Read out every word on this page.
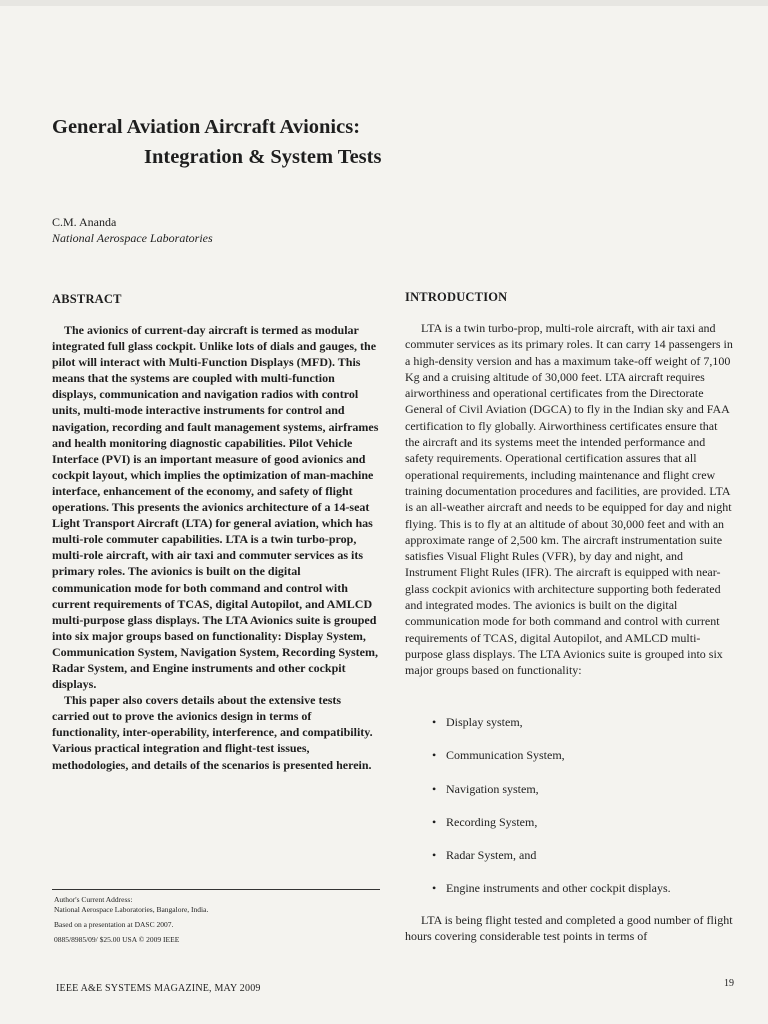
General Aviation Aircraft Avionics:
Integration & System Tests
C.M. Ananda
National Aerospace Laboratories
ABSTRACT	INTRODUCTION

The avionics of current-day aircraft is termed as modular integrated full glass cockpit. Unlike lots of dials and gauges, the pilot will interact with Multi-Function Displays (MFD). This means that the systems are coupled with multi-function displays, communication and navigation radios with control units, multi-mode interactive instruments for control and navigation, recording and fault management systems, airframes and health monitoring diagnostic capabilities. Pilot Vehicle Interface (PVI) is an important measure of good avionics and cockpit layout, which implies the optimization of man-machine interface, enhancement of the economy, and safety of flight operations. This presents the avionics architecture of a 14-seat Light Transport Aircraft (LTA) for general aviation, which has multi-role commuter capabilities. LTA is a twin turbo-prop, multi-role aircraft, with air taxi and commuter services as its primary roles. The avionics is built on the digital communication mode for both command and control with current requirements of TCAS, digital Autopilot, and AMLCD multi-purpose glass displays. The LTA Avionics suite is grouped into six major groups based on functionality: Display System, Communication System, Navigation System, Recording System, Radar System, and Engine instruments and other cockpit displays.

This paper also covers details about the extensive tests carried out to prove the avionics design in terms of functionality, inter-operability, interference, and compatibility. Various practical integration and flight-test issues, methodologies, and details of the scenarios is presented herein.

LTA is a twin turbo-prop, multi-role aircraft, with air taxi and commuter services as its primary roles. It can carry 14 passengers in a high-density version and has a maximum take-off weight of 7,100 Kg and a cruising altitude of 30,000 feet. LTA aircraft requires airworthiness and operational certificates from the Directorate General of Civil Aviation (DGCA) to fly in the Indian sky and FAA certification to fly globally. Airworthiness certificates ensure that the aircraft and its systems meet the intended performance and safety requirements. Operational certification assures that all operational requirements, including maintenance and flight crew training documentation procedures and facilities, are provided. LTA is an all-weather aircraft and needs to be equipped for day and night flying. This is to fly at an altitude of about 30,000 feet and with an approximate range of 2,500 km. The aircraft instrumentation suite satisfies Visual Flight Rules (VFR), by day and night, and Instrument Flight Rules (IFR). The aircraft is equipped with near-glass cockpit avionics with architecture supporting both federated and integrated modes. The avionics is built on the digital communication mode for both command and control with current requirements of TCAS, digital Autopilot, and AMLCD multi-purpose glass displays. The LTA Avionics suite is grouped into six major groups based on functionality:

• Display system,
• Communication System,
• Navigation system,
• Recording System,
• Radar System, and
• Engine instruments and other cockpit displays.

LTA is being flight tested and completed a good number of flight hours covering considerable test points in terms of

Author's Current Address:
National Aerospace Laboratories, Bangalore, India.
Based on a presentation at DASC 2007.
0885/8985/09/ $25.00 USA © 2009 IEEE
IEEE A&E SYSTEMS MAGAZINE, MAY 2009	19
